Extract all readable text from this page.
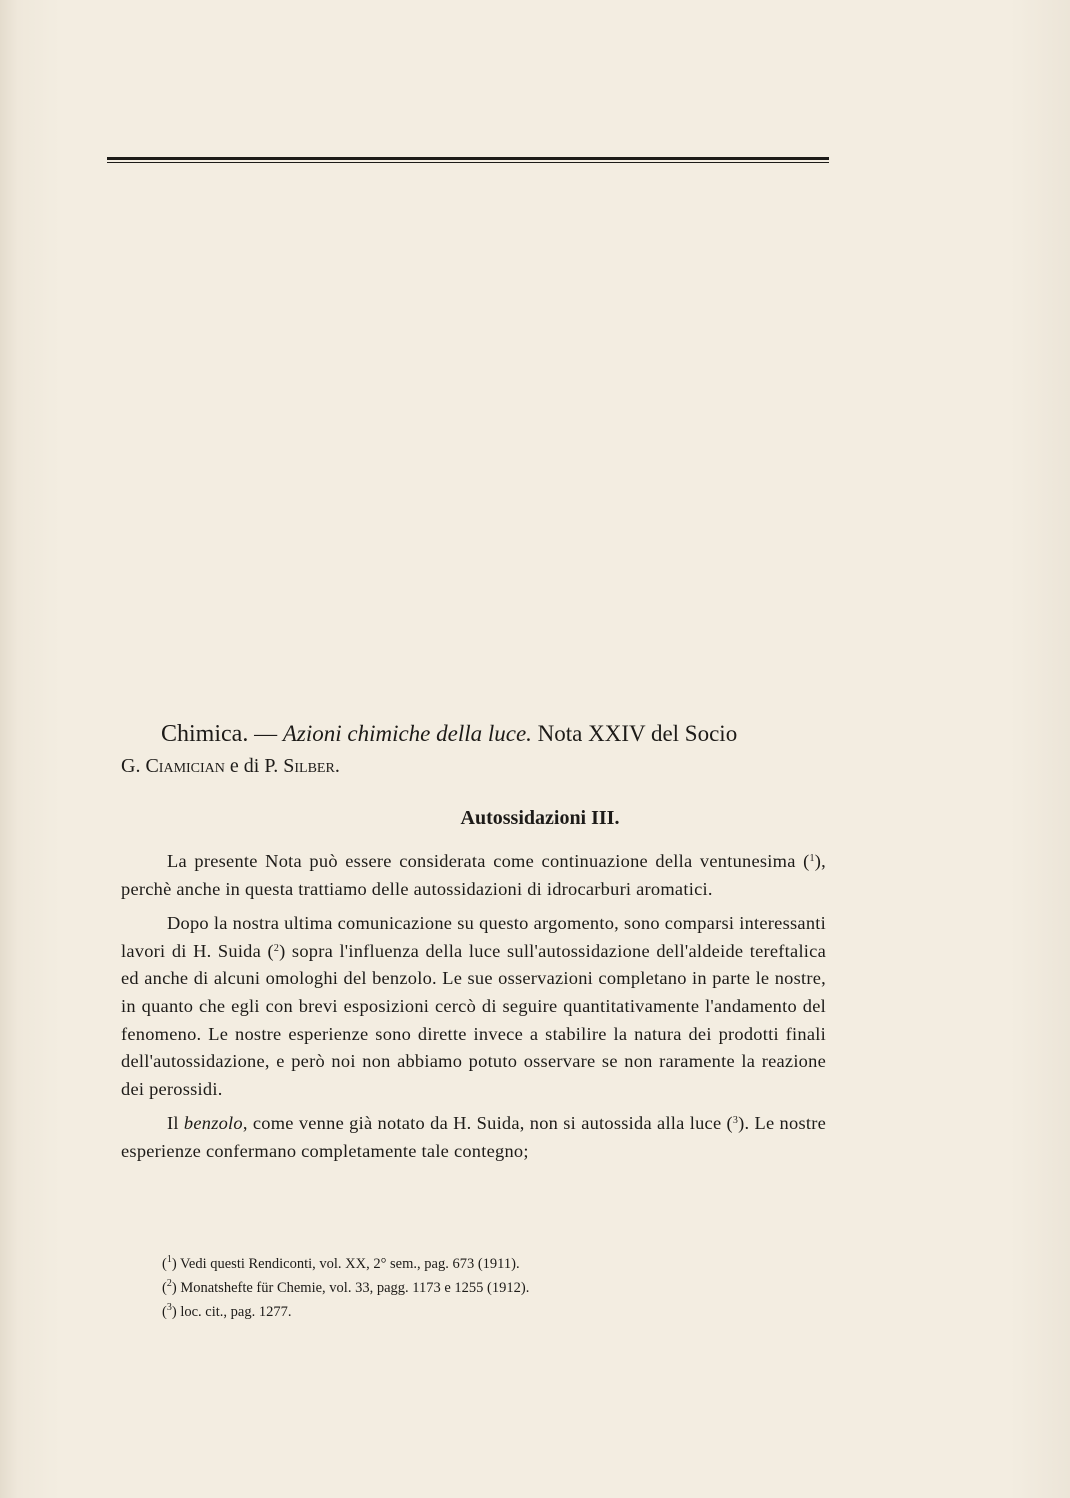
Chimica. — Azioni chimiche della luce. Nota XXIV del Socio
G. Ciamician e di P. Silber.
Autossidazioni III.

La presente Nota può essere considerata come continuazione della ventunesima ($^1$), perchè anche in questa trattiamo delle autossidazioni di idrocarburi aromatici.

Dopo la nostra ultima comunicazione su questo argomento, sono comparsi interessanti lavori di H. Suida ($^2$) sopra l'influenza della luce sull'autossidazione dell'aldeide tereftalica ed anche di alcuni omologhi del benzolo. Le sue osservazioni completano in parte le nostre, in quanto che egli con brevi esposizioni cercò di seguire quantitativamente l'andamento del fenomeno. Le nostre esperienze sono dirette invece a stabilire la natura dei prodotti finali dell'autossidazione, e però noi non abbiamo potuto osservare se non raramente la reazione dei perossidi.

Il benzolo, come venne già notato da H. Suida, non si autossida alla luce ($^3$). Le nostre esperienze confermano completamente tale contegno;

($^1$) Vedi questi Rendiconti, vol. XX, 2° sem., pag. 673 (1911).
($^2$) Monatshefte für Chemie, vol. 33, pagg. 1173 e 1255 (1912).
($^3$) loc. cit., pag. 1277.
